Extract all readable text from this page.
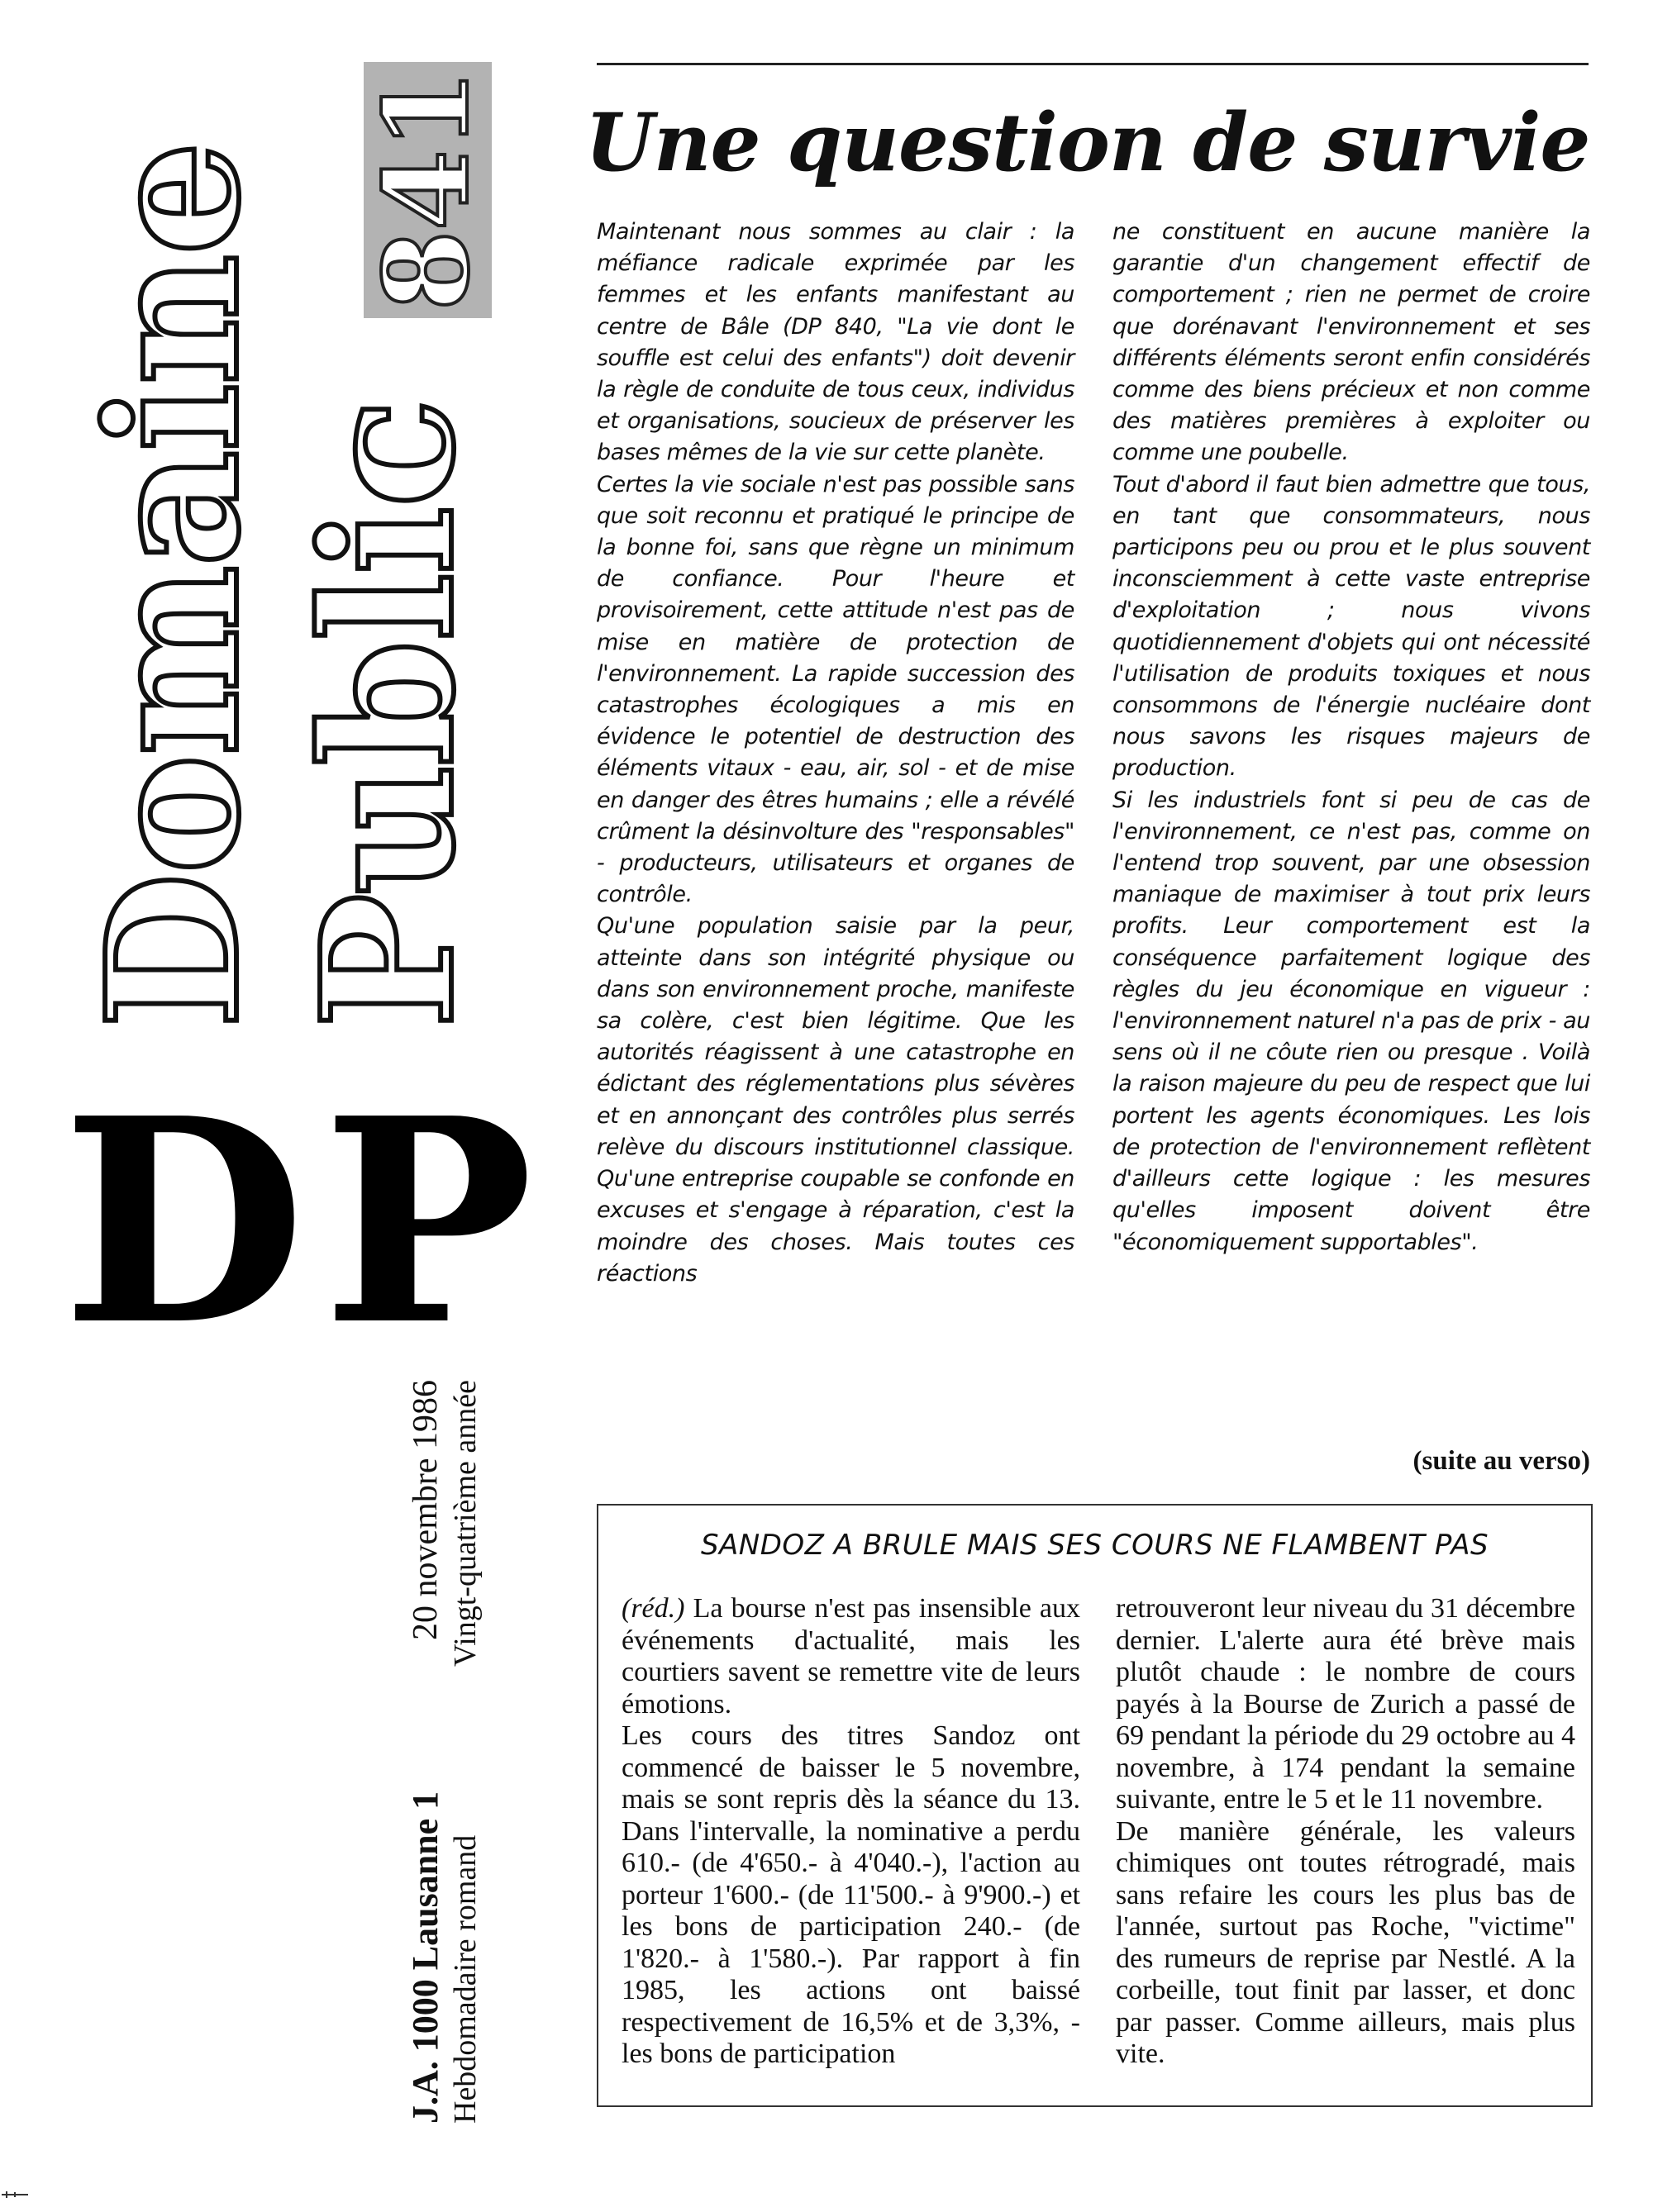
Domaine Public
841
DP
J.A. 1000 Lausanne 1
20 novembre 1986
Hebdomadaire romand
Vingt-quatrième année
Une question de survie

Maintenant nous sommes au clair : la méfiance radicale exprimée par les femmes et les enfants manifestant au centre de Bâle (DP 840, "La vie dont le souffle est celui des enfants") doit devenir la règle de conduite de tous ceux, individus et organisations, soucieux de préserver les bases mêmes de la vie sur cette planète.

Certes la vie sociale n'est pas possible sans que soit reconnu et pratiqué le principe de la bonne foi, sans que règne un minimum de confiance. Pour l'heure et provisoirement, cette attitude n'est pas de mise en matière de protection de l'environnement. La rapide succession des catastrophes écologiques a mis en évidence le potentiel de destruction des éléments vitaux - eau, air, sol - et de mise en danger des êtres humains ; elle a révélé crûment la désinvolture des "responsables" - producteurs, utilisateurs et organes de contrôle.

Qu'une population saisie par la peur, atteinte dans son intégrité physique ou dans son environnement proche, manifeste sa colère, c'est bien légitime. Que les autorités réagissent à une catastrophe en édictant des réglementations plus sévères et en annonçant des contrôles plus serrés relève du discours institutionnel classique. Qu'une entreprise coupable se confonde en excuses et s'engage à réparation, c'est la moindre des choses. Mais toutes ces réactions

ne constituent en aucune manière la garantie d'un changement effectif de comportement ; rien ne permet de croire que dorénavant l'environnement et ses différents éléments seront enfin considérés comme des biens précieux et non comme des matières premières à exploiter ou comme une poubelle.

Tout d'abord il faut bien admettre que tous, en tant que consommateurs, nous participons peu ou prou et le plus souvent inconsciemment à cette vaste entreprise d'exploitation ; nous vivons quotidiennement d'objets qui ont nécessité l'utilisation de produits toxiques et nous consommons de l'énergie nucléaire dont nous savons les risques majeurs de production.

Si les industriels font si peu de cas de l'environnement, ce n'est pas, comme on l'entend trop souvent, par une obsession maniaque de maximiser à tout prix leurs profits. Leur comportement est la conséquence parfaitement logique des règles du jeu économique en vigueur : l'environnement naturel n'a pas de prix - au sens où il ne côute rien ou presque . Voilà la raison majeure du peu de respect que lui portent les agents économiques. Les lois de protection de l'environnement reflètent d'ailleurs cette logique : les mesures qu'elles imposent doivent être "économiquement supportables".

(suite au verso)
SANDOZ A BRULE MAIS SES COURS NE FLAMBENT PAS

(réd.) La bourse n'est pas insensible aux événements d'actualité, mais les courtiers savent se remettre vite de leurs émotions.

Les cours des titres Sandoz ont commencé de baisser le 5 novembre, mais se sont repris dès la séance du 13. Dans l'intervalle, la nominative a perdu 610.- (de 4'650.- à 4'040.-), l'action au porteur 1'600.- (de 11'500.- à 9'900.-) et les bons de participation 240.- (de 1'820.- à 1'580.-). Par rapport à fin 1985, les actions ont baissé respectivement de 16,5% et de 3,3%, - les bons de participation

retrouveront leur niveau du 31 décembre dernier. L'alerte aura été brève mais plutôt chaude : le nombre de cours payés à la Bourse de Zurich a passé de 69 pendant la période du 29 octobre au 4 novembre, à 174 pendant la semaine suivante, entre le 5 et le 11 novembre.

De manière générale, les valeurs chimiques ont toutes rétrogradé, mais sans refaire les cours les plus bas de l'année, surtout pas Roche, "victime" des rumeurs de reprise par Nestlé. A la corbeille, tout finit par lasser, et donc par passer. Comme ailleurs, mais plus vite.
